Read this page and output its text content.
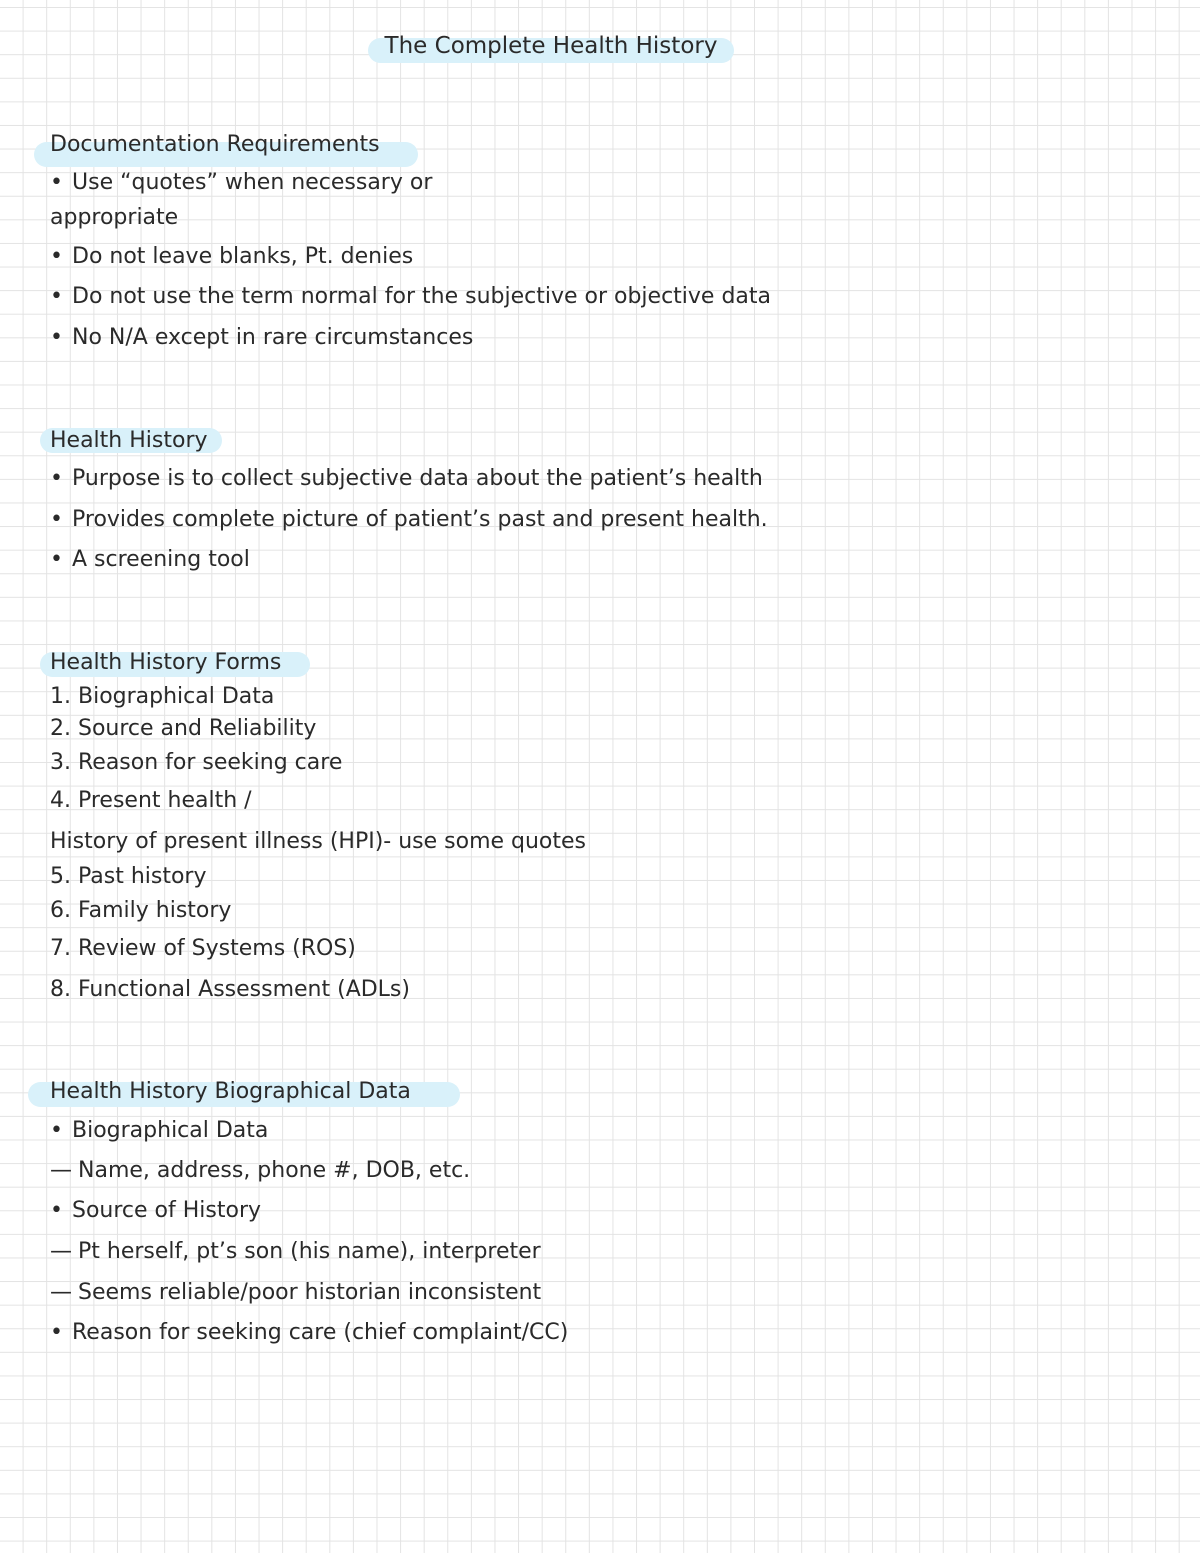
The Complete Health History
Documentation Requirements
• Use “quotes” when necessary or
appropriate
• Do not leave blanks, Pt. denies
• Do not use the term normal for the subjective or objective data
• No N/A except in rare circumstances
Health History
• Purpose is to collect subjective data about the patient’s health
• Provides complete picture of patient’s past and present health.
• A screening tool
Health History Forms
1. Biographical Data
2. Source and Reliability
3. Reason for seeking care
4. Present health /
History of present illness (HPI)- use some quotes
5. Past history
6. Family history
7. Review of Systems (ROS)
8. Functional Assessment (ADLs)
Health History Biographical Data
• Biographical Data
— Name, address, phone #, DOB, etc.
• Source of History
— Pt herself, pt’s son (his name), interpreter
— Seems reliable/poor historian inconsistent
• Reason for seeking care (chief complaint/CC)
